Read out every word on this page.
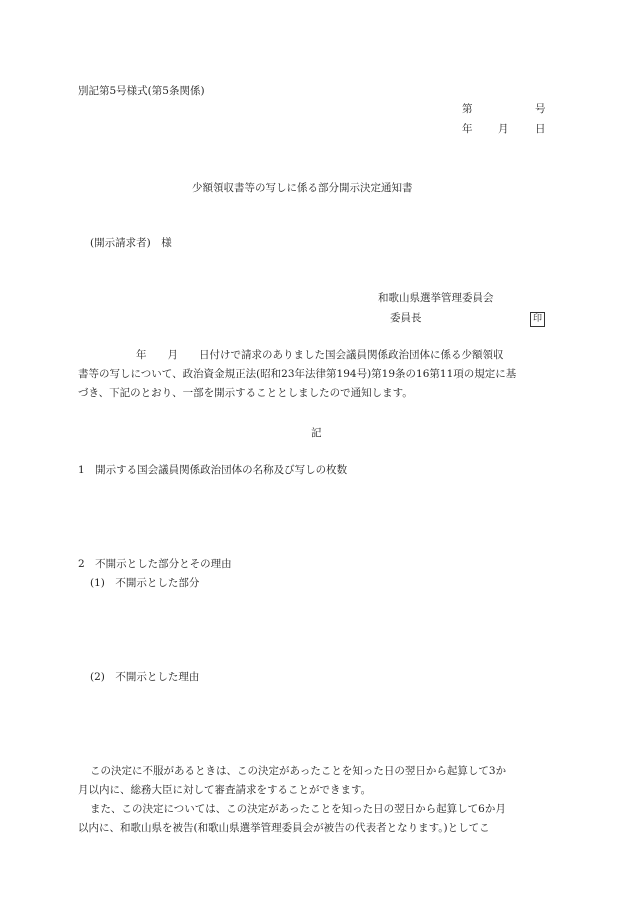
別記第5号様式(第5条関係)
第	号
年 月	日
少額領収書等の写しに係る部分開示決定通知書
(開示請求者)　様
和歌山県選挙管理委員会
委員長	印
年　　月　　日付けで請求のありました国会議員関係政治団体に係る少額領収
書等の写しについて、政治資金規正法(昭和23年法律第194号)第19条の16第11項の規定に基
づき、下記のとおり、一部を開示することとしましたので通知します。
記
1　開示する国会議員関係政治団体の名称及び写しの枚数
2　不開示とした部分とその理由
(1)　不開示とした部分
(2)　不開示とした理由
この決定に不服があるときは、この決定があったことを知った日の翌日から起算して3か
月以内に、総務大臣に対して審査請求をすることができます。
また、この決定については、この決定があったことを知った日の翌日から起算して6か月
以内に、和歌山県を被告(和歌山県選挙管理委員会が被告の代表者となります。)としてこ
